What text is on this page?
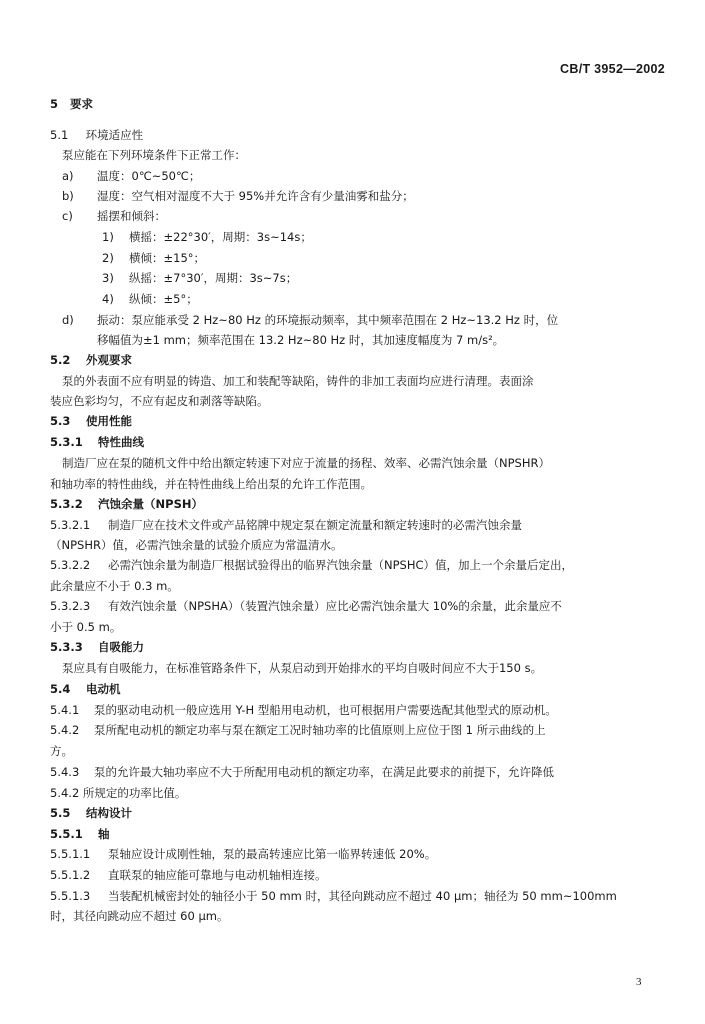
CB/T 3952—2002
5 要求
5.1 环境适应性
泵应能在下列环境条件下正常工作：
a) 温度：0℃~50℃；
b) 湿度：空气相对湿度不大于 95%并允许含有少量油雾和盐分；
c) 摇摆和倾斜：
1) 横摇：±22°30′，周期：3s~14s；
2) 横倾：±15°；
3) 纵摇：±7°30′，周期：3s~7s；
4) 纵倾：±5°；
d) 振动：泵应能承受 2 Hz~80 Hz 的环境振动频率，其中频率范围在 2 Hz~13.2 Hz 时，位
移幅值为±1 mm；频率范围在 13.2 Hz~80 Hz 时，其加速度幅度为 7 m/s²。
5.2 外观要求
泵的外表面不应有明显的铸造、加工和装配等缺陷，铸件的非加工表面均应进行清理。表面涂
装应色彩均匀，不应有起皮和剥落等缺陷。
5.3 使用性能
5.3.1 特性曲线
制造厂应在泵的随机文件中给出额定转速下对应于流量的扬程、效率、必需汽蚀余量（NPSHR）
和轴功率的特性曲线，并在特性曲线上给出泵的允许工作范围。
5.3.2 汽蚀余量（NPSH）
5.3.2.1 制造厂应在技术文件或产品铭牌中规定泵在额定流量和额定转速时的必需汽蚀余量
（NPSHR）值，必需汽蚀余量的试验介质应为常温清水。
5.3.2.2 必需汽蚀余量为制造厂根据试验得出的临界汽蚀余量（NPSHC）值，加上一个余量后定出，
此余量应不小于 0.3 m。
5.3.2.3 有效汽蚀余量（NPSHA）（装置汽蚀余量）应比必需汽蚀余量大 10%的余量，此余量应不
小于 0.5 m。
5.3.3 自吸能力
泵应具有自吸能力，在标准管路条件下，从泵启动到开始排水的平均自吸时间应不大于150 s。
5.4 电动机
5.4.1 泵的驱动电动机一般应选用 Y-H 型船用电动机，也可根据用户需要选配其他型式的原动机。
5.4.2 泵所配电动机的额定功率与泵在额定工况时轴功率的比值原则上应位于图 1 所示曲线的上
方。
5.4.3 泵的允许最大轴功率应不大于所配用电动机的额定功率，在满足此要求的前提下，允许降低
5.4.2 所规定的功率比值。
5.5 结构设计
5.5.1 轴
5.5.1.1 泵轴应设计成刚性轴，泵的最高转速应比第一临界转速低 20%。
5.5.1.2 直联泵的轴应能可靠地与电动机轴相连接。
5.5.1.3 当装配机械密封处的轴径小于 50 mm 时，其径向跳动应不超过 40 μm；轴径为 50 mm~100mm
时，其径向跳动应不超过 60 μm。
3
